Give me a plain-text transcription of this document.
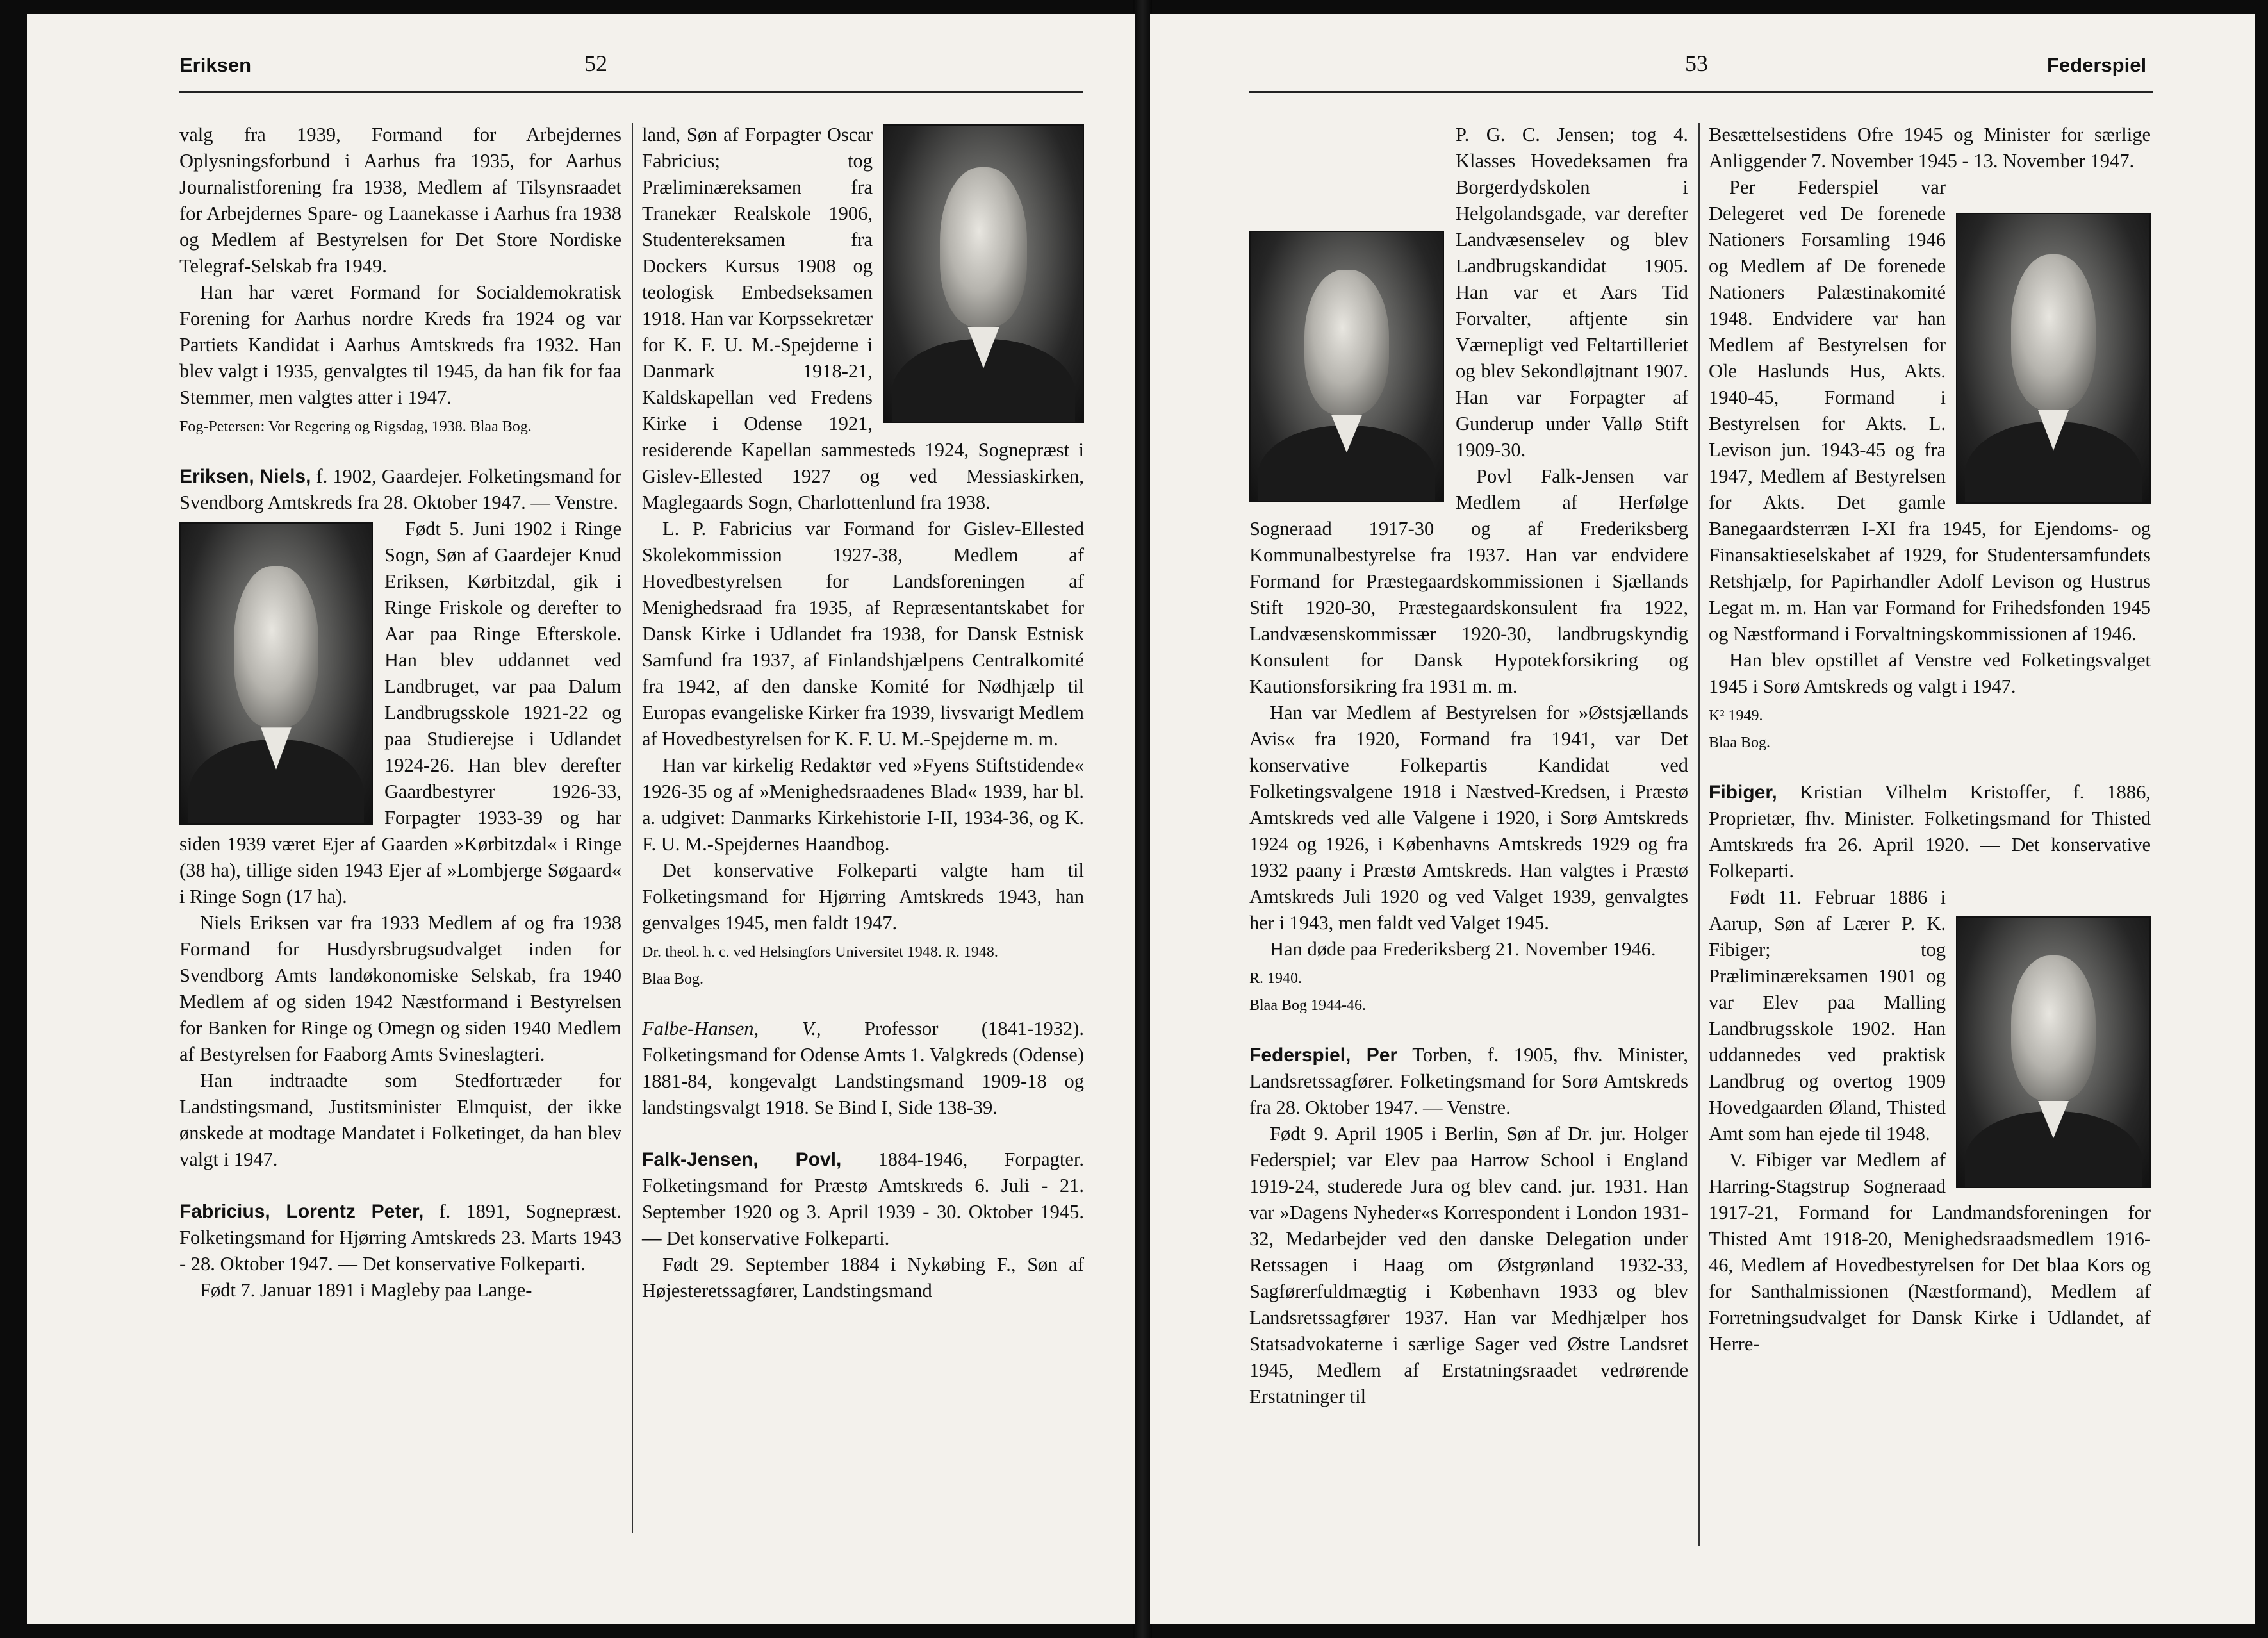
Eriksen	52

valg fra 1939, Formand for Arbejdernes Oplysningsforbund i Aarhus fra 1935, for Aarhus Journalistforening fra 1938, Medlem af Tilsynsraadet for Arbejdernes Spare- og Laanekasse i Aarhus fra 1938 og Medlem af Bestyrelsen for Det Store Nordiske Telegraf-Selskab fra 1949.

Han har været Formand for Socialdemokratisk Forening for Aarhus nordre Kreds fra 1924 og var Partiets Kandidat i Aarhus Amtskreds fra 1932. Han blev valgt i 1935, genvalgtes til 1945, da han fik for faa Stemmer, men valgtes atter i 1947.

Fog-Petersen: Vor Regering og Rigsdag, 1938. Blaa Bog.

Eriksen, Niels, f. 1902, Gaardejer. Folketingsmand for Svendborg Amtskreds fra 28. Oktober 1947. — Venstre.

Født 5. Juni 1902 i Ringe Sogn, Søn af Gaardejer Knud Eriksen, Kørbitzdal, gik i Ringe Friskole og derefter to Aar paa Ringe Efterskole. Han blev uddannet ved Landbruget, var paa Dalum Landbrugsskole 1921-22 og paa Studierejse i Udlandet 1924-26. Han blev derefter Gaardbestyrer 1926-33, Forpagter 1933-39 og har siden 1939 været Ejer af Gaarden »Kørbitzdal« i Ringe (38 ha), tillige siden 1943 Ejer af »Lombjerge Søgaard« i Ringe Sogn (17 ha).

Niels Eriksen var fra 1933 Medlem af og fra 1938 Formand for Husdyrsbrugsudvalget inden for Svendborg Amts landøkonomiske Selskab, fra 1940 Medlem af og siden 1942 Næstformand i Bestyrelsen for Banken for Ringe og Omegn og siden 1940 Medlem af Bestyrelsen for Faaborg Amts Svineslagteri.

Han indtraadte som Stedfortræder for Landstingsmand, Justitsminister Elmquist, der ikke ønskede at modtage Mandatet i Folketinget, da han blev valgt i 1947.

Fabricius, Lorentz Peter, f. 1891, Sognepræst. Folketingsmand for Hjørring Amtskreds 23. Marts 1943 - 28. Oktober 1947. — Det konservative Folkeparti.

Født 7. Januar 1891 i Magleby paa Lange-

land, Søn af Forpagter Oscar Fabricius; tog Præliminæreksamen fra Tranekær Realskole 1906, Studentereksamen fra Dockers Kursus 1908 og teologisk Embedseksamen 1918. Han var Korpssekretær for K. F. U. M.-Spejderne i Danmark 1918-21, Kaldskapellan ved Fredens Kirke i Odense 1921, residerende Kapellan sammesteds 1924, Sognepræst i Gislev-Ellested 1927 og ved Messiaskirken, Maglegaards Sogn, Charlottenlund fra 1938.

L. P. Fabricius var Formand for Gislev-Ellested Skolekommission 1927-38, Medlem af Hovedbestyrelsen for Landsforeningen af Menighedsraad fra 1935, af Repræsentantskabet for Dansk Kirke i Udlandet fra 1938, for Dansk Estnisk Samfund fra 1937, af Finlandshjælpens Centralkomité fra 1942, af den danske Komité for Nødhjælp til Europas evangeliske Kirker fra 1939, livsvarigt Medlem af Hovedbestyrelsen for K. F. U. M.-Spejderne m. m.

Han var kirkelig Redaktør ved »Fyens Stiftstidende« 1926-35 og af »Menighedsraadenes Blad« 1939, har bl. a. udgivet: Danmarks Kirkehistorie I-II, 1934-36, og K. F. U. M.-Spejdernes Haandbog.

Det konservative Folkeparti valgte ham til Folketingsmand for Hjørring Amtskreds 1943, han genvalges 1945, men faldt 1947.

Dr. theol. h. c. ved Helsingfors Universitet 1948. R. 1948.

Blaa Bog.

Falbe-Hansen, V., Professor (1841-1932). Folketingsmand for Odense Amts 1. Valgkreds (Odense) 1881-84, kongevalgt Landstingsmand 1909-18 og landstingsvalgt 1918. Se Bind I, Side 138-39.

Falk-Jensen, Povl, 1884-1946, Forpagter. Folketingsmand for Præstø Amtskreds 6. Juli - 21. September 1920 og 3. April 1939 - 30. Oktober 1945. — Det konservative Folkeparti.

Født 29. September 1884 i Nykøbing F., Søn af Højesteretssagfører, Landstingsmand

53	Federspiel

P. G. C. Jensen; tog 4. Klasses Hovedeksamen fra Borgerdydskolen i Helgolandsgade, var derefter Landvæsenselev og blev Landbrugskandidat 1905. Han var et Aars Tid Forvalter, aftjente sin Værnepligt ved Feltartilleriet og blev Sekondløjtnant 1907. Han var Forpagter af Gunderup under Vallø Stift 1909-30.

Povl Falk-Jensen var Medlem af Herfølge Sogneraad 1917-30 og af Frederiksberg Kommunalbestyrelse fra 1937. Han var endvidere Formand for Præstegaardskommissionen i Sjællands Stift 1920-30, Præstegaardskonsulent fra 1922, Landvæsenskommissær 1920-30, landbrugskyndig Konsulent for Dansk Hypotekforsikring og Kautionsforsikring fra 1931 m. m.

Han var Medlem af Bestyrelsen for »Østsjællands Avis« fra 1920, Formand fra 1941, var Det konservative Folkepartis Kandidat ved Folketingsvalgene 1918 i Næstved-Kredsen, i Præstø Amtskreds ved alle Valgene i 1920, i Sorø Amtskreds 1924 og 1926, i Københavns Amtskreds 1929 og fra 1932 paany i Præstø Amtskreds. Han valgtes i Præstø Amtskreds Juli 1920 og ved Valget 1939, genvalgtes her i 1943, men faldt ved Valget 1945.

Han døde paa Frederiksberg 21. November 1946.

R. 1940.

Blaa Bog 1944-46.

Federspiel, Per Torben, f. 1905, fhv. Minister, Landsretssagfører. Folketingsmand for Sorø Amtskreds fra 28. Oktober 1947. — Venstre.

Født 9. April 1905 i Berlin, Søn af Dr. jur. Holger Federspiel; var Elev paa Harrow School i England 1919-24, studerede Jura og blev cand. jur. 1931. Han var »Dagens Nyheder«s Korrespondent i London 1931-32, Medarbejder ved den danske Delegation under Retssagen i Haag om Østgrønland 1932-33, Sagførerfuldmægtig i København 1933 og blev Landsretssagfører 1937. Han var Medhjælper hos Statsadvokaterne i særlige Sager ved Østre Landsret 1945, Medlem af Erstatningsraadet vedrørende Erstatninger til

Besættelsestidens Ofre 1945 og Minister for særlige Anliggender 7. November 1945 - 13. November 1947.

Per Federspiel var Delegeret ved De forenede Nationers Forsamling 1946 og Medlem af De forenede Nationers Palæstinakomité 1948. Endvidere var han Medlem af Bestyrelsen for Ole Haslunds Hus, Akts. 1940-45, Formand i Bestyrelsen for Akts. L. Levison jun. 1943-45 og fra 1947, Medlem af Bestyrelsen for Akts. Det gamle Banegaardsterræn I-XI fra 1945, for Ejendoms- og Finansaktieselskabet af 1929, for Studentersamfundets Retshjælp, for Papirhandler Adolf Levison og Hustrus Legat m. m. Han var Formand for Frihedsfonden 1945 og Næstformand i Forvaltningskommissionen af 1946.

Han blev opstillet af Venstre ved Folketingsvalget 1945 i Sorø Amtskreds og valgt i 1947.

K² 1949.

Blaa Bog.

Fibiger, Kristian Vilhelm Kristoffer, f. 1886, Proprietær, fhv. Minister. Folketingsmand for Thisted Amtskreds fra 26. April 1920. — Det konservative Folkeparti.

Født 11. Februar 1886 i Aarup, Søn af Lærer P. K. Fibiger; tog Præliminæreksamen 1901 og var Elev paa Malling Landbrugsskole 1902. Han uddannedes ved praktisk Landbrug og overtog 1909 Hovedgaarden Øland, Thisted Amt som han ejede til 1948.

V. Fibiger var Medlem af Harring-Stagstrup Sogneraad 1917-21, Formand for Landmandsforeningen for Thisted Amt 1918-20, Menighedsraadsmedlem 1916-46, Medlem af Hovedbestyrelsen for Det blaa Kors og for Santhalmissionen (Næstformand), Medlem af Forretningsudvalget for Dansk Kirke i Udlandet, af Herre-
